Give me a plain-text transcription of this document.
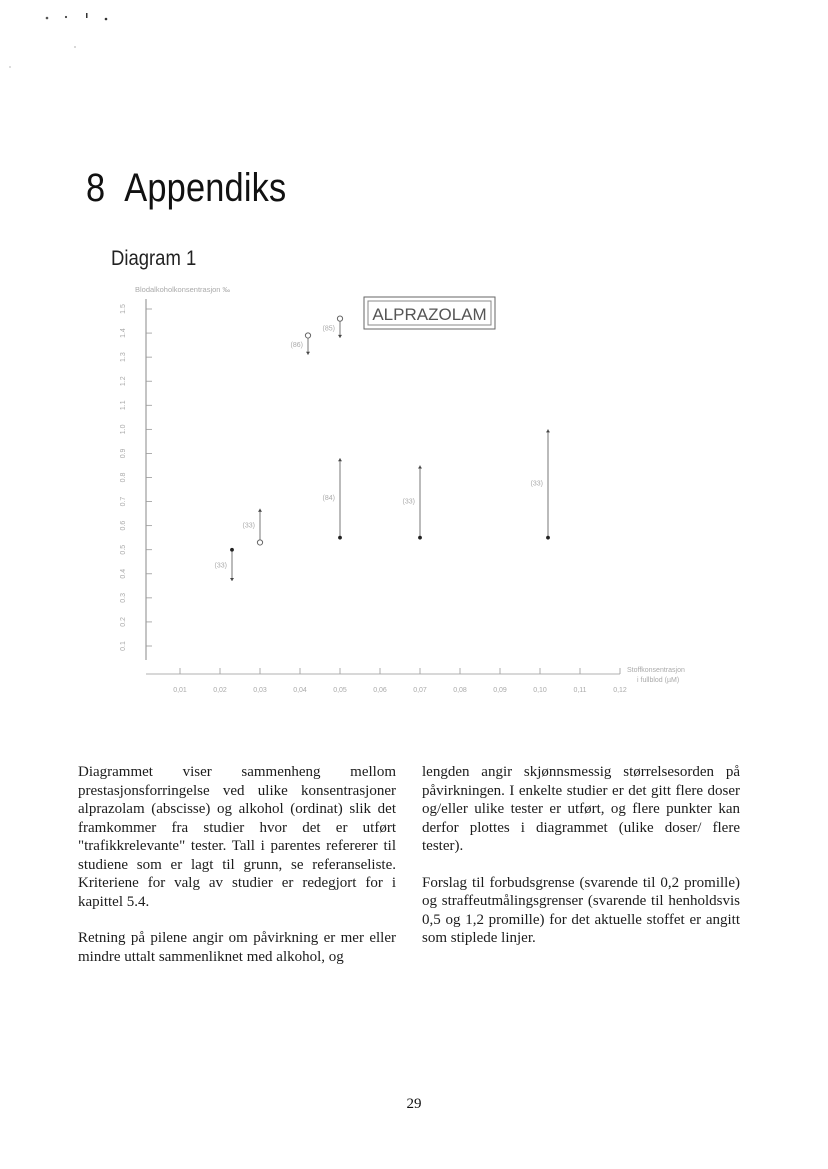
8 Appendiks
Diagram 1
Blodalkoholkonsentrasjon ‰
ALPRAZOLAM
Stoffkonsentrasjon
i fullblod (µM)
0.1
0.2
0.3
0.4
0.5
0.6
0.7
0.8
0.9
1.0
1.1
1.2
1.3
1.4
1.5
0,01	0,02	0,03	0,04	0,05	0,06	0,07	0,08	0,09	0,10	0,11	0,12
(33)
(33)
(86)
(85)
(84)
(33)
(33)

Diagrammet viser sammenheng mellom prestasjonsforringelse ved ulike konsentrasjoner alprazolam (abscisse) og alkohol (ordinat) slik det framkommer fra studier hvor det er utført "trafikkrelevante" tester. Tall i parentes refererer til studiene som er lagt til grunn, se referanseliste. Kriteriene for valg av studier er redegjort for i kapittel 5.4.

Retning på pilene angir om påvirkning er mer eller mindre uttalt sammenliknet med alkohol, og

lengden angir skjønnsmessig størrelsesorden på påvirkningen. I enkelte studier er det gitt flere doser og/eller ulike tester er utført, og flere punkter kan derfor plottes i diagrammet (ulike doser/ flere tester).

Forslag til forbudsgrense (svarende til 0,2 promille) og straffeutmålingsgrenser (svarende til henholdsvis 0,5 og 1,2 promille) for det aktuelle stoffet er angitt som stiplede linjer.

29
